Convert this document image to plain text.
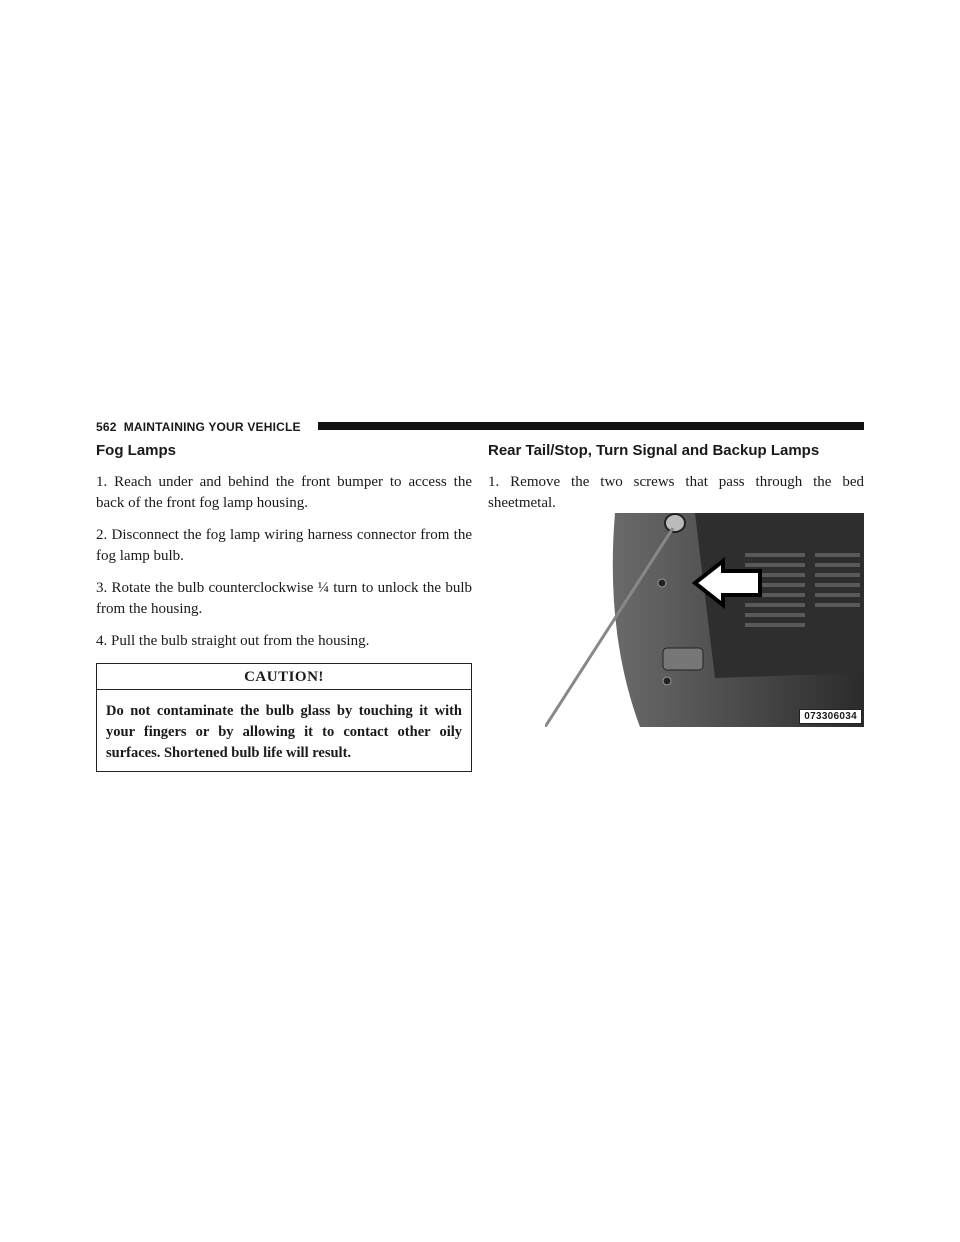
562 MAINTAINING YOUR VEHICLE
Fog Lamps

1. Reach under and behind the front bumper to access the back of the front fog lamp housing.

2. Disconnect the fog lamp wiring harness connector from the fog lamp bulb.

3. Rotate the bulb counterclockwise ¼ turn to unlock the bulb from the housing.

4. Pull the bulb straight out from the housing.

CAUTION!
Do not contaminate the bulb glass by touching it with your fingers or by allowing it to contact other oily surfaces. Shortened bulb life will result.
Rear Tail/Stop, Turn Signal and Backup Lamps

1. Remove the two screws that pass through the bed sheetmetal.

073306034
